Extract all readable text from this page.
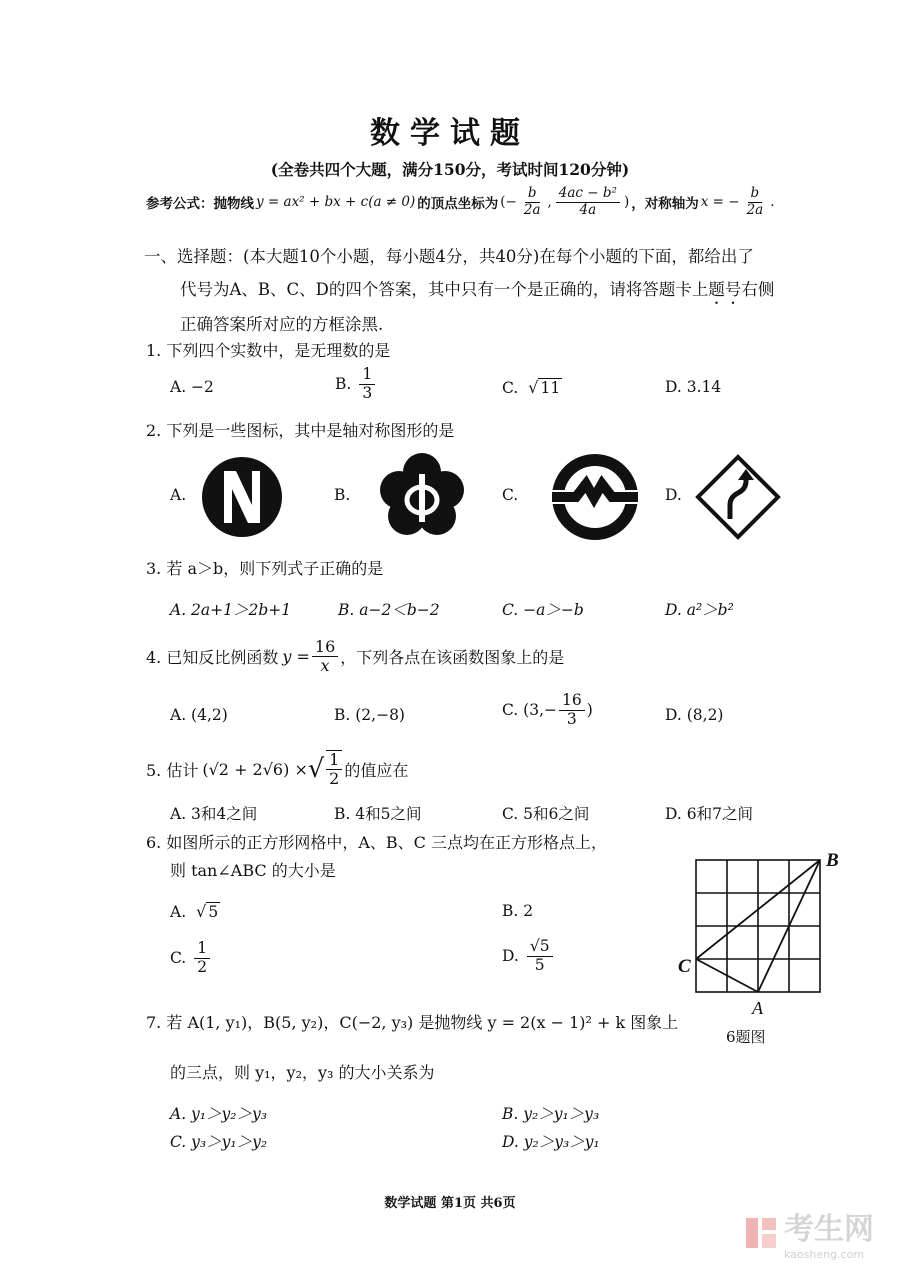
数学试题
(全卷共四个大题，满分150分，考试时间120分钟)
参考公式：抛物线 y = ax² + bx + c(a ≠ 0) 的顶点坐标为 (− $\frac{b}{2a}$ , $\frac{\text{4ac − b²}}{4a}$ ) ，对称轴为 x = − $\frac{b}{2a}$ .
一、选择题：(本大题10个小题，每小题4分，共40分)在每个小题的下面，都给出了
代号为A、B、C、D的四个答案，其中只有一个是正确的，请将答题卡上题号右侧
正确答案所对应的方框涂黑.
1. 下列四个实数中，是无理数的是
A. −2	B. $\frac{1}{3}$	C. √ 11	D. 3.14
2. 下列是一些图标，其中是轴对称图形的是
A.	B.	C.	D.
3. 若 a＞b，则下列式子正确的是
A. 2a+1＞2b+1	B. a−2＜b−2	C. −a＞−b	D. a²＞b²
4. 已知反比例函数 $y = \frac{16}{x}$ ，下列各点在该函数图象上的是
A. (4,2)	B. (2,−8)	C. ($3,- \frac{16}{3}$ )	D. (8,2)
5. 估计 (√2 + 2√6) × √ $\frac{1}{2}$ 的值应在
A. 3和4之间	B. 4和5之间	C. 5和6之间	D. 6和7之间
6. 如图所示的正方形网格中，A、B、C 三点均在正方形格点上，
则 tan∠ABC 的大小是
A. √ 5	B. 2
C. $\frac{1}{2}$	D. $\frac{√5}{5}$
B
C
A
6题图
7. 若 A(1, y₁)，B(5, y₂)，C(−2, y₃) 是抛物线 y = 2(x − 1)² + k 图象上
的三点，则 y₁，y₂，y₃ 的大小关系为
A. y₁＞y₂＞y₃	B. y₂＞y₁＞y₃
C. y₃＞y₁＞y₂	D. y₂＞y₃＞y₁
数学试题 第1页 共6页
考生网
kaosheng.com
